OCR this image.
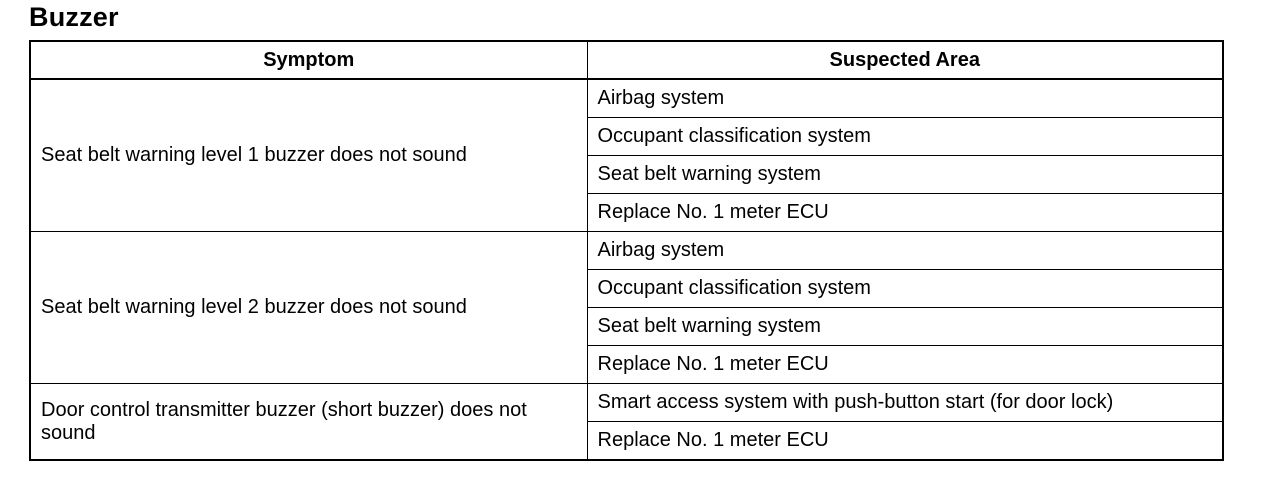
Buzzer
Symptom	Suspected Area
Seat belt warning level 1 buzzer does not sound	Airbag system
	Occupant classification system
	Seat belt warning system
	Replace No. 1 meter ECU
Seat belt warning level 2 buzzer does not sound	Airbag system
	Occupant classification system
	Seat belt warning system
	Replace No. 1 meter ECU
Door control transmitter buzzer (short buzzer) does not sound	Smart access system with push-button start (for door lock)
	Replace No. 1 meter ECU
